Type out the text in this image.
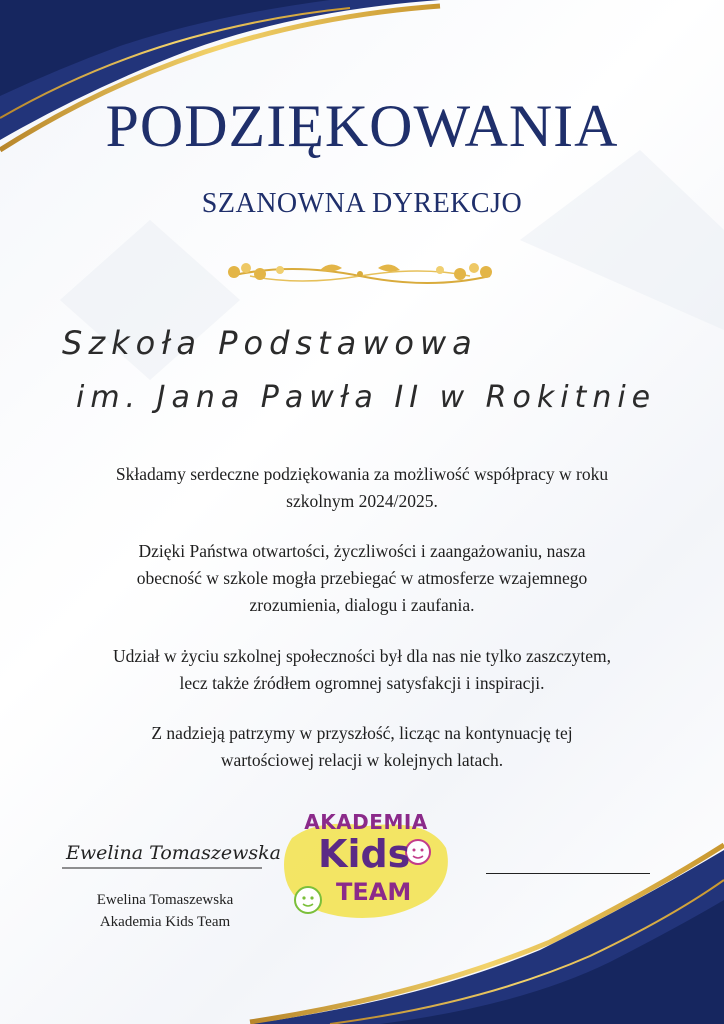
PODZIĘKOWANIA
SZANOWNA DYREKCJO
Szkoła Podstawowa
im. Jana Pawła II w Rokitnie
Składamy serdeczne podziękowania za możliwość współpracy w roku
szkolnym 2024/2025.
Dzięki Państwa otwartości, życzliwości i zaangażowaniu, nasza
obecność w szkole mogła przebiegać w atmosferze wzajemnego
zrozumienia, dialogu i zaufania.
Udział w życiu szkolnej społeczności był dla nas nie tylko zaszczytem,
lecz także źródłem ogromnej satysfakcji i inspiracji.
Z nadzieją patrzymy w przyszłość, licząc na kontynuację tej
wartościowej relacji w kolejnych latach.
Ewelina Tomaszewska
Ewelina Tomaszewska
Akademia Kids Team
AKADEMIA
Kids
TEAM
